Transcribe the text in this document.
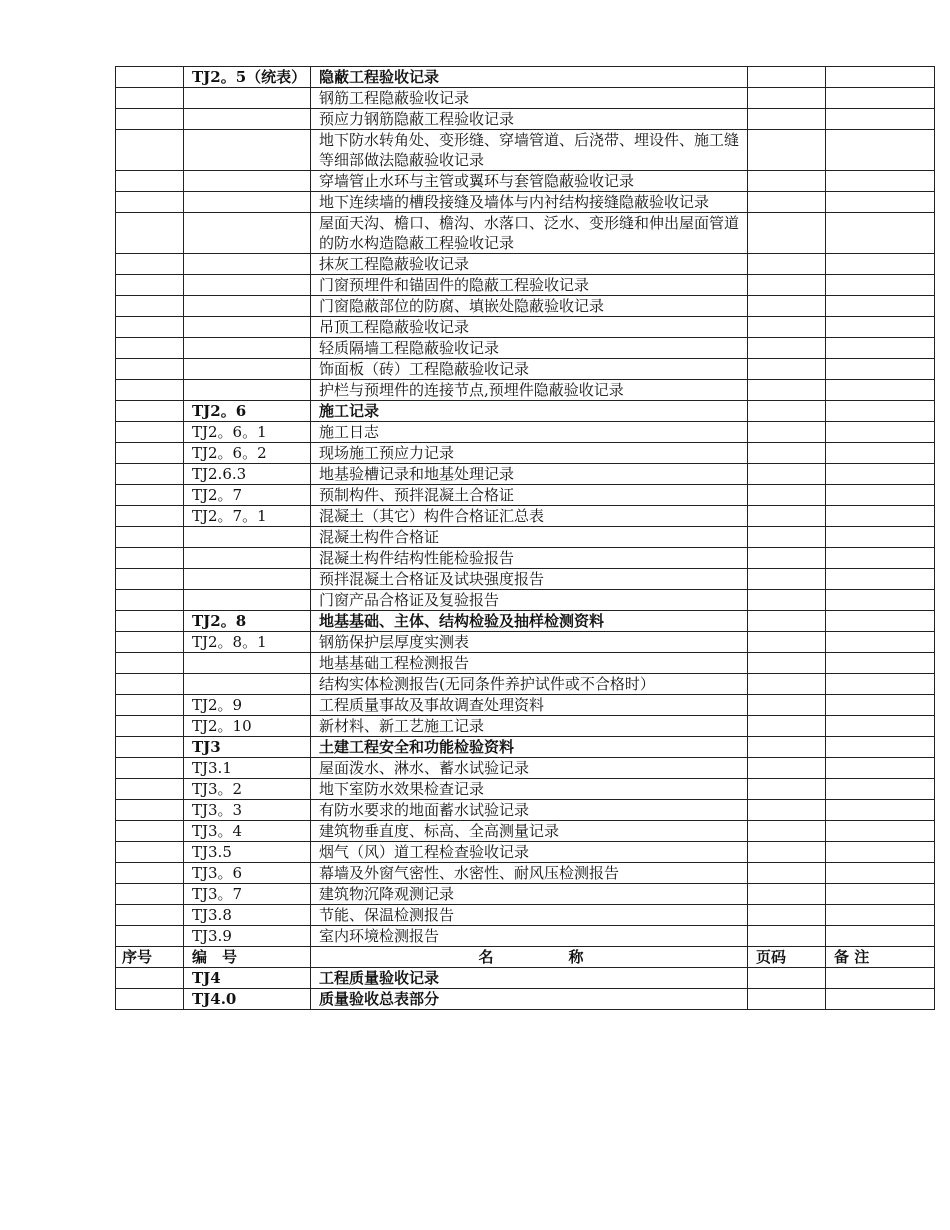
	TJ2。5（统表）	隐蔽工程验收记录		
		钢筋工程隐蔽验收记录		
		预应力钢筋隐蔽工程验收记录		
		地下防水转角处、变形缝、穿墙管道、后浇带、埋设件、施工缝等细部做法隐蔽验收记录		
		穿墙管止水环与主管或翼环与套管隐蔽验收记录		
		地下连续墙的槽段接缝及墙体与内衬结构接缝隐蔽验收记录		
		屋面天沟、檐口、檐沟、水落口、泛水、变形缝和伸出屋面管道的防水构造隐蔽工程验收记录		
		抹灰工程隐蔽验收记录		
		门窗预埋件和锚固件的隐蔽工程验收记录		
		门窗隐蔽部位的防腐、填嵌处隐蔽验收记录		
		吊顶工程隐蔽验收记录		
		轻质隔墙工程隐蔽验收记录		
		饰面板（砖）工程隐蔽验收记录		
		护栏与预埋件的连接节点,预埋件隐蔽验收记录		
	TJ2。6	施工记录		
	TJ2。6。1	施工日志		
	TJ2。6。2	现场施工预应力记录		
	TJ2.6.3	地基验槽记录和地基处理记录		
	TJ2。7	预制构件、预拌混凝土合格证		
	TJ2。7。1	混凝土（其它）构件合格证汇总表		
		混凝土构件合格证		
		混凝土构件结构性能检验报告		
		预拌混凝土合格证及试块强度报告		
		门窗产品合格证及复验报告		
	TJ2。8	地基基础、主体、结构检验及抽样检测资料		
	TJ2。8。1	钢筋保护层厚度实测表		
		地基基础工程检测报告		
		结构实体检测报告(无同条件养护试件或不合格时）		
	TJ2。9	工程质量事故及事故调查处理资料		
	TJ2。10	新材料、新工艺施工记录		
	TJ3	土建工程安全和功能检验资料		
	TJ3.1	屋面泼水、淋水、蓄水试验记录		
	TJ3。2	地下室防水效果检查记录		
	TJ3。3	有防水要求的地面蓄水试验记录		
	TJ3。4	建筑物垂直度、标高、全高测量记录		
	TJ3.5	烟气（风）道工程检查验收记录		
	TJ3。6	幕墙及外窗气密性、水密性、耐风压检测报告		
	TJ3。7	建筑物沉降观测记录		
	TJ3.8	节能、保温检测报告		
	TJ3.9	室内环境检测报告		
序号	编　号	名　　　　　称	页码	备 注
	TJ4	工程质量验收记录		
	TJ4.0	质量验收总表部分		
